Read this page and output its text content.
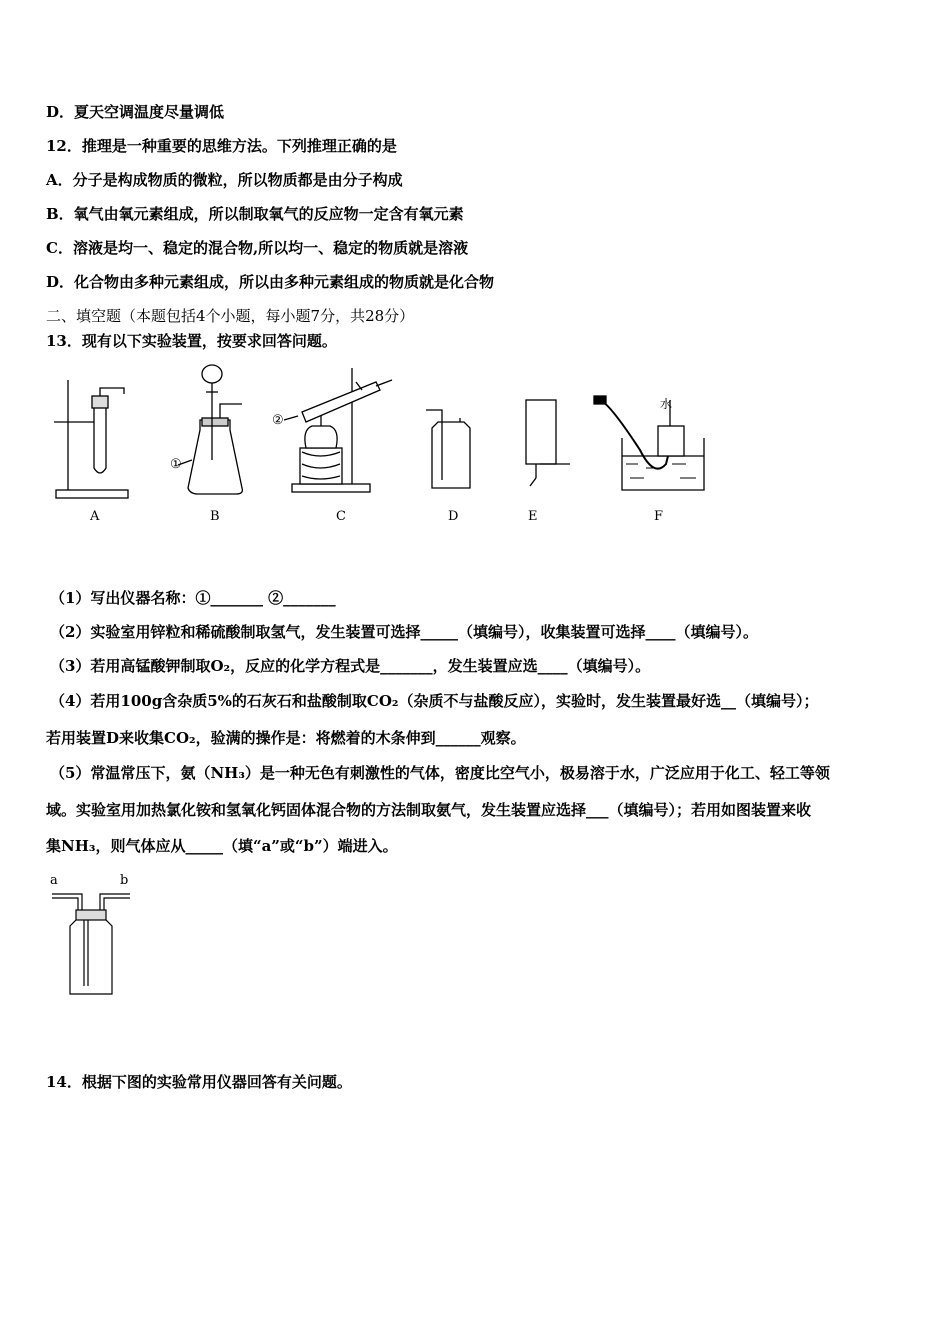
D．夏天空调温度尽量调低
12．推理是一种重要的思维方法。下列推理正确的是
A．分子是构成物质的微粒，所以物质都是由分子构成
B．氧气由氧元素组成，所以制取氧气的反应物一定含有氧元素
C．溶液是均一、稳定的混合物,所以均一、稳定的物质就是溶液
D．化合物由多种元素组成，所以由多种元素组成的物质就是化合物
二、填空题（本题包括4个小题，每小题7分，共28分）
13．现有以下实验装置，按要求回答问题。
水
①
②
A	B	C	D	E	F
（1）写出仪器名称：①_______ ②_______
（2）实验室用锌粒和稀硫酸制取氢气，发生装置可选择_____（填编号），收集装置可选择____（填编号）。
（3）若用高锰酸钾制取O₂，反应的化学方程式是_______，发生装置应选____（填编号）。
（4）若用100g含杂质5%的石灰石和盐酸制取CO₂（杂质不与盐酸反应），实验时，发生装置最好选__（填编号）；
若用装置D来收集CO₂，验满的操作是：将燃着的木条伸到______观察。
（5）常温常压下，氨（NH₃）是一种无色有刺激性的气体，密度比空气小，极易溶于水，广泛应用于化工、轻工等领
域。实验室用加热氯化铵和氢氧化钙固体混合物的方法制取氨气，发生装置应选择___（填编号）；若用如图装置来收
集NH₃，则气体应从_____（填“a”或“b”）端进入。
a	b
14．根据下图的实验常用仪器回答有关问题。
